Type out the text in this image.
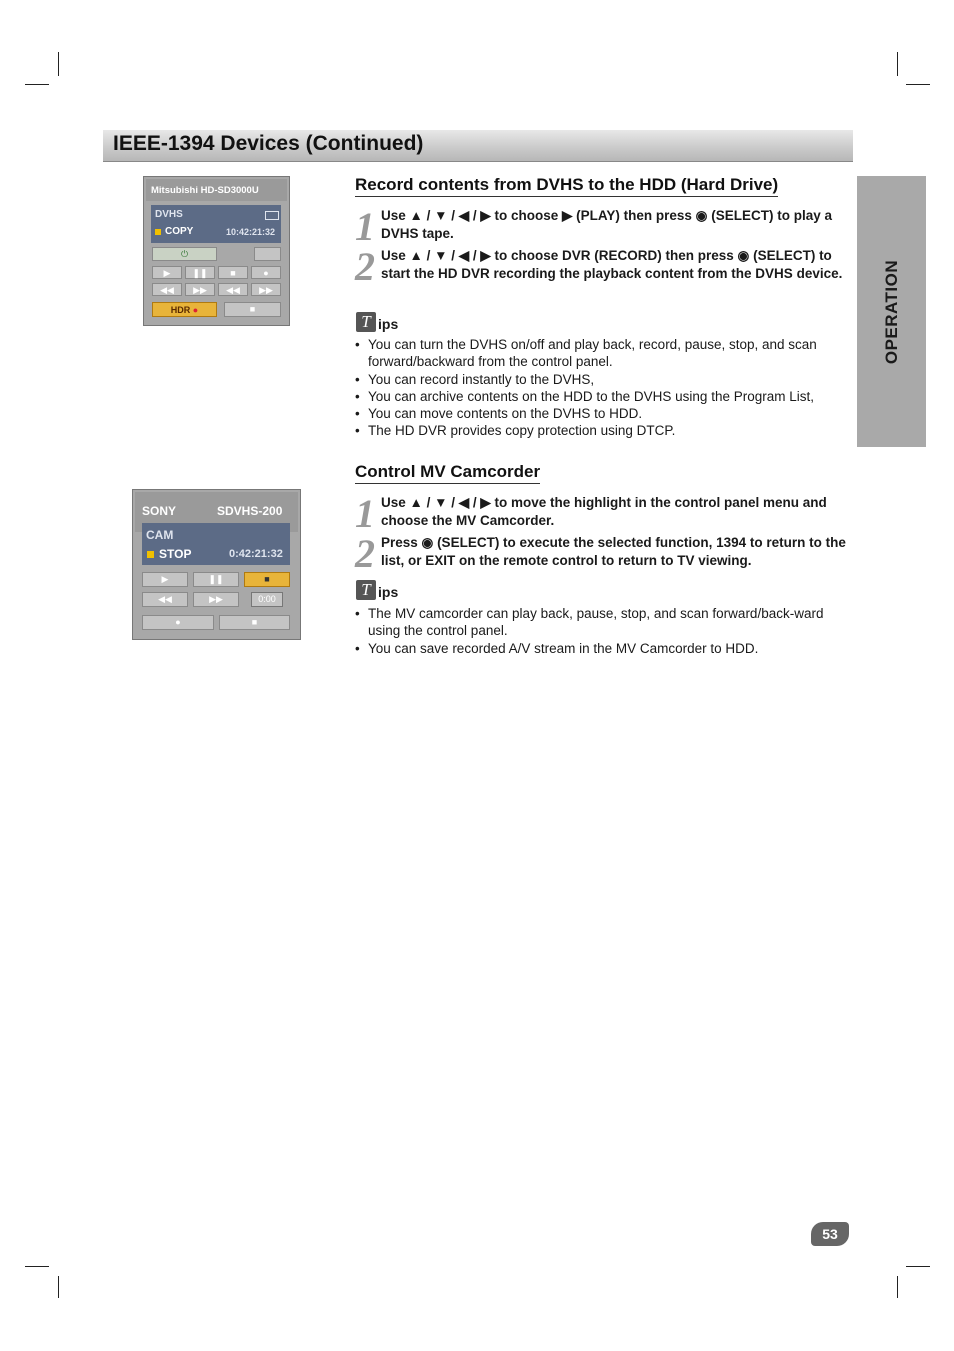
IEEE-1394 Devices (Continued)
OPERATION
Mitsubishi HD-SD3000U
DVHS
COPY	10:42:21:32
⏻
▶	❚❚	■	●
◀◀	▶▶	◀◀	▶▶
HDR ●	■
Record contents from DVHS to the HDD (Hard Drive)
1 Use ▲ / ▼ / ◀ / ▶ to choose ▶ (PLAY) then press ◉ (SELECT) to play a DVHS tape.
2 Use ▲ / ▼ / ◀ / ▶ to choose DVR (RECORD) then press ◉ (SELECT) to start the HD DVR recording the playback content from the DVHS device.
T ips
• You can turn the DVHS on/off and play back, record, pause, stop, and scan forward/backward from the control panel.
• You can record instantly to the DVHS,
• You can archive contents on the HDD to the DVHS using the Program List,
• You can move contents on the DVHS to HDD.
• The HD DVR provides copy protection using DTCP.
SONY	SDVHS-200
CAM
STOP	0:42:21:32
▶	❚❚	■
◀◀	▶▶	0:00
●	■
Control MV Camcorder
1 Use ▲ / ▼ / ◀ / ▶ to move the highlight in the control panel menu and choose the MV Camcorder.
2 Press ◉ (SELECT) to execute the selected function, 1394 to return to the list, or EXIT on the remote control to return to TV viewing.
T ips
• The MV camcorder can play back, pause, stop, and scan forward/back-ward using the control panel.
• You can save recorded A/V stream in the MV Camcorder to HDD.
53
